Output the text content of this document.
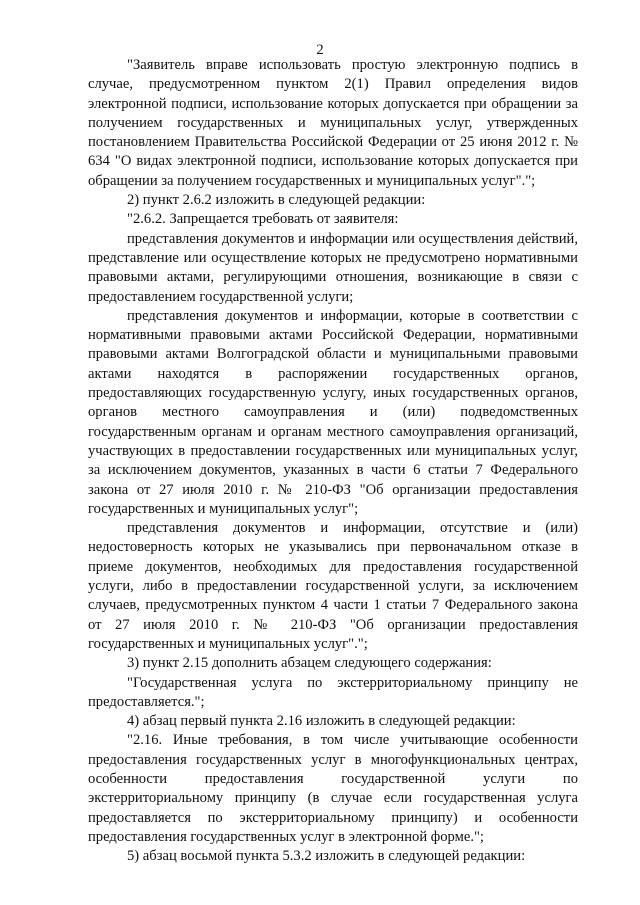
2

"Заявитель вправе использовать простую электронную подпись в случае, предусмотренном пунктом 2(1) Правил определения видов электронной подписи, использование которых допускается при обращении за получением государственных и муниципальных услуг, утвержденных постановлением Правительства Российской Федерации от 25 июня 2012 г. № 634 "О видах электронной подписи, использование которых допускается при обращении за получением государственных и муниципальных услуг".";

2) пункт 2.6.2 изложить в следующей редакции:

"2.6.2. Запрещается требовать от заявителя:

представления документов и информации или осуществления действий, представление или осуществление которых не предусмотрено нормативными правовыми актами, регулирующими отношения, возникающие в связи с предоставлением государственной услуги;

представления документов и информации, которые в соответствии с нормативными правовыми актами Российской Федерации, нормативными правовыми актами Волгоградской области и муниципальными правовыми актами находятся в распоряжении государственных органов, предоставляющих государственную услугу, иных государственных органов, органов местного самоуправления и (или) подведомственных государственным органам и органам местного самоуправления организаций, участвующих в предоставлении государственных или муниципальных услуг, за исключением документов, указанных в части 6 статьи 7 Федерального закона от 27 июля 2010 г. № 210-ФЗ "Об организации предоставления государственных и муниципальных услуг";

представления документов и информации, отсутствие и (или) недостоверность которых не указывались при первоначальном отказе в приеме документов, необходимых для предоставления государственной услуги, либо в предоставлении государственной услуги, за исключением случаев, предусмотренных пунктом 4 части 1 статьи 7 Федерального закона от 27 июля 2010 г. № 210-ФЗ "Об организации предоставления государственных и муниципальных услуг".";

3) пункт 2.15 дополнить абзацем следующего содержания:

"Государственная услуга по экстерриториальному принципу не предоставляется.";

4) абзац первый пункта 2.16 изложить в следующей редакции:

"2.16. Иные требования, в том числе учитывающие особенности предоставления государственных услуг в многофункциональных центрах, особенности предоставления государственной услуги по экстерриториальному принципу (в случае если государственная услуга предоставляется по экстерриториальному принципу) и особенности предоставления государственных услуг в электронной форме.";

5) абзац восьмой пункта 5.3.2 изложить в следующей редакции:
